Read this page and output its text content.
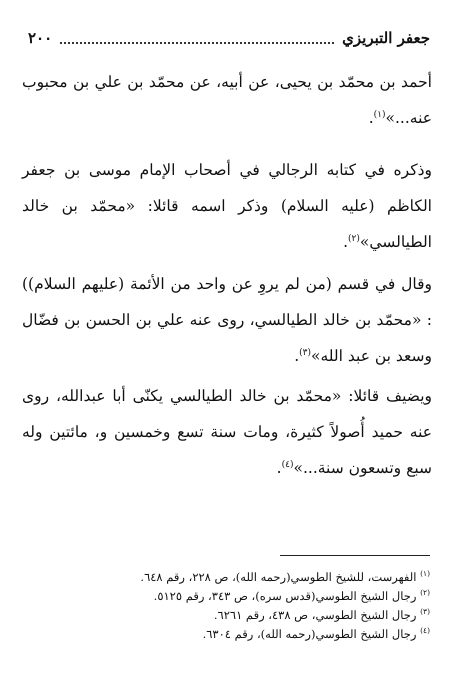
جعفر التبريزي
٢٠٠
أحمد بن محمّد بن يحيى، عن أبيه، عن محمّد بن علي بن محبوب عنه...»$^{(١)}$.
وذكره في كتابه الرجالي في أصحاب الإمام موسى بن جعفر الكاظم (عليه السلام) وذكر اسمه قائلا: «محمّد بن خالد الطيالسي»$^{(٢)}$.
وقال في قسم (من لم يروِ عن واحد من الأئمة (عليهم السلام)) : «محمّد بن خالد الطيالسي، روى عنه علي بن الحسن بن فضّال وسعد بن عبد الله»$^{(٣)}$.
ويضيف قائلا: «محمّد بن خالد الطيالسي يكنّى أبا عبدالله، روى عنه حميد أُصولاً كثيرة، ومات سنة تسع وخمسين و، مائتين وله سبع وتسعون سنة...»$^{(٤)}$.
$^{(١)}$ الفهرست، للشيخ الطوسي(رحمه الله)، ص ٢٢٨، رقم ٦٤٨.
$^{(٢)}$ رجال الشيخ الطوسي(قدس سره)، ص ٣٤٣، رقم ٥١٢٥.
$^{(٣)}$ رجال الشيخ الطوسي، ص ٤٣٨، رقم ٦٢٦١.
$^{(٤)}$ رجال الشيخ الطوسي(رحمه الله)، رقم ٦٣٠٤.
